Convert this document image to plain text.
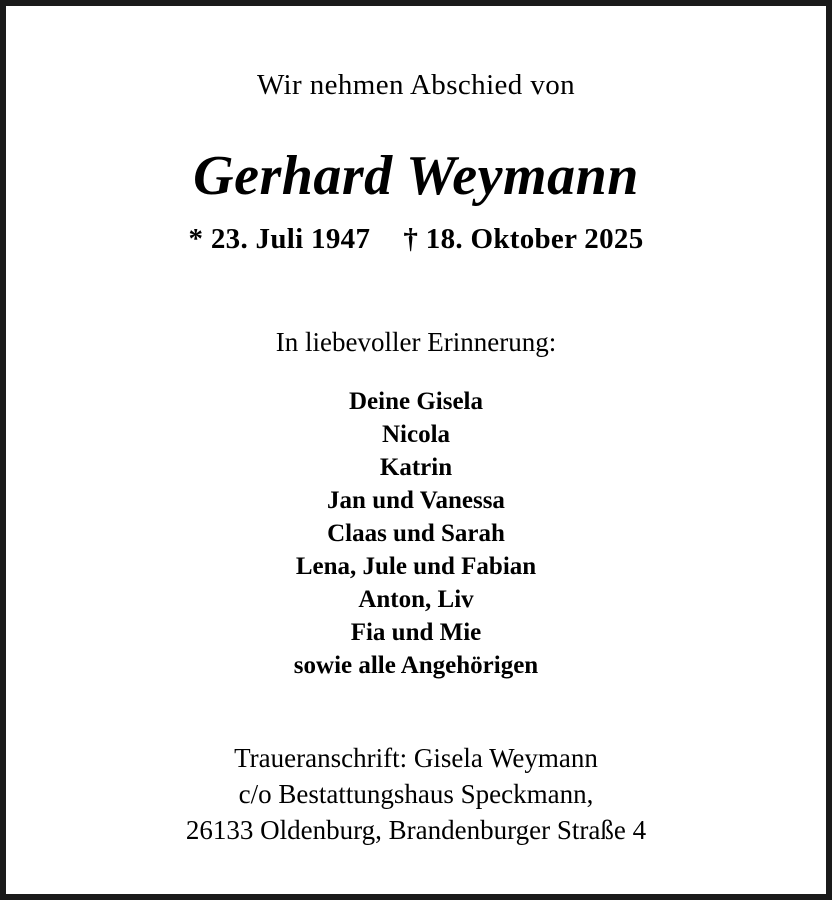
Wir nehmen Abschied von
Gerhard Weymann
* 23. Juli 1947 † 18. Oktober 2025
In liebevoller Erinnerung:
Deine Gisela
Nicola
Katrin
Jan und Vanessa
Claas und Sarah
Lena, Jule und Fabian
Anton, Liv
Fia und Mie
sowie alle Angehörigen
Traueranschrift: Gisela Weymann
c/o Bestattungshaus Speckmann,
26133 Oldenburg, Brandenburger Straße 4
